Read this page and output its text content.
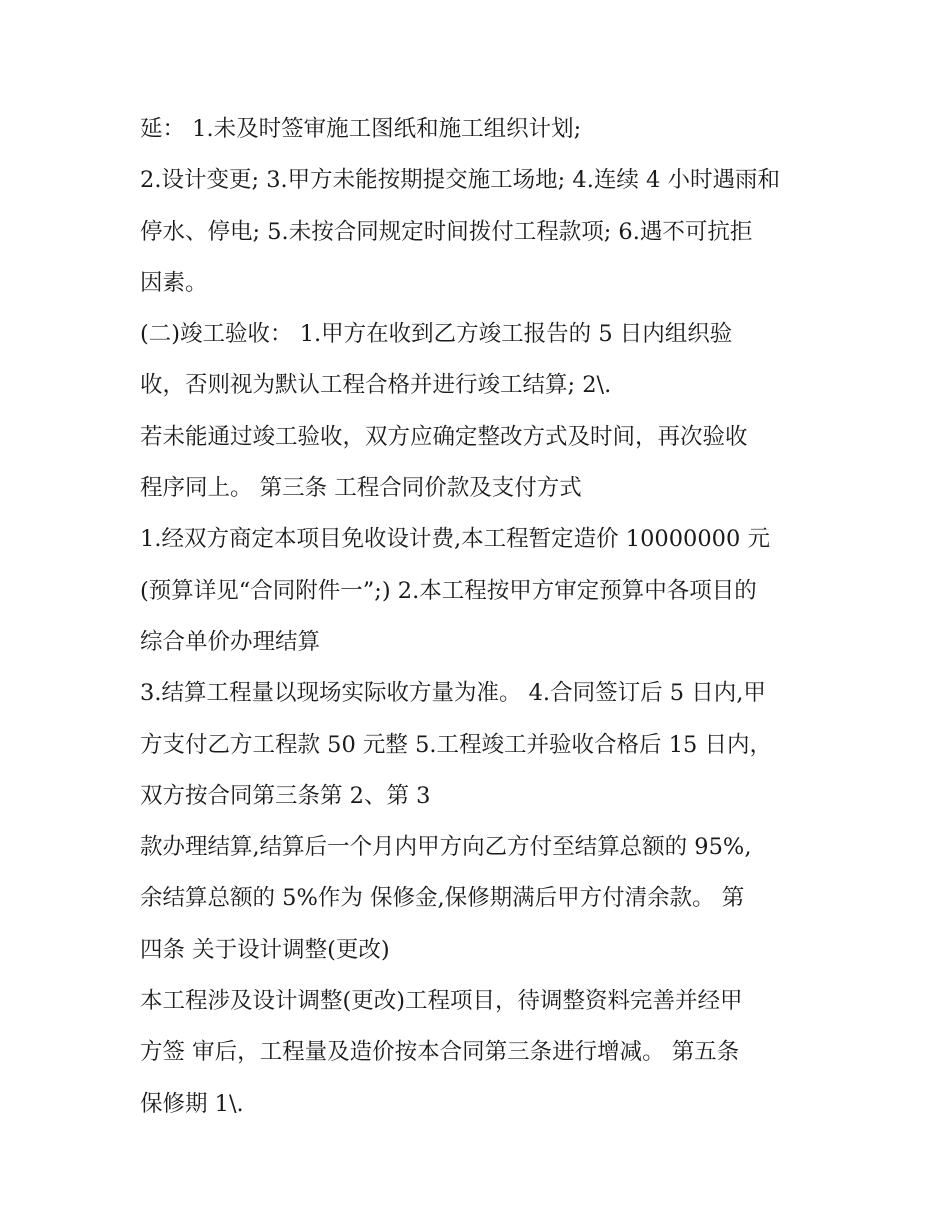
延： 1.未及时签审施工图纸和施工组织计划;
2.设计变更; 3.甲方未能按期提交施工场地; 4.连续 4 小时遇雨和
停水、停电; 5.未按合同规定时间拨付工程款项; 6.遇不可抗拒
因素。
(二)竣工验收： 1.甲方在收到乙方竣工报告的 5 日内组织验
收，否则视为默认工程合格并进行竣工结算; 2\.
若未能通过竣工验收，双方应确定整改方式及时间，再次验收
程序同上。 第三条 工程合同价款及支付方式
1.经双方商定本项目免收设计费,本工程暂定造价 10000000 元
(预算详见“合同附件一”;) 2.本工程按甲方审定预算中各项目的
综合单价办理结算
3.结算工程量以现场实际收方量为准。 4.合同签订后 5 日内,甲
方支付乙方工程款 50 元整 5.工程竣工并验收合格后 15 日内，
双方按合同第三条第 2、第 3
款办理结算,结算后一个月内甲方向乙方付至结算总额的 95%,
余结算总额的 5%作为 保修金,保修期满后甲方付清余款。 第
四条 关于设计调整(更改)
本工程涉及设计调整(更改)工程项目，待调整资料完善并经甲
方签 审后，工程量及造价按本合同第三条进行增减。 第五条
保修期 1\.
